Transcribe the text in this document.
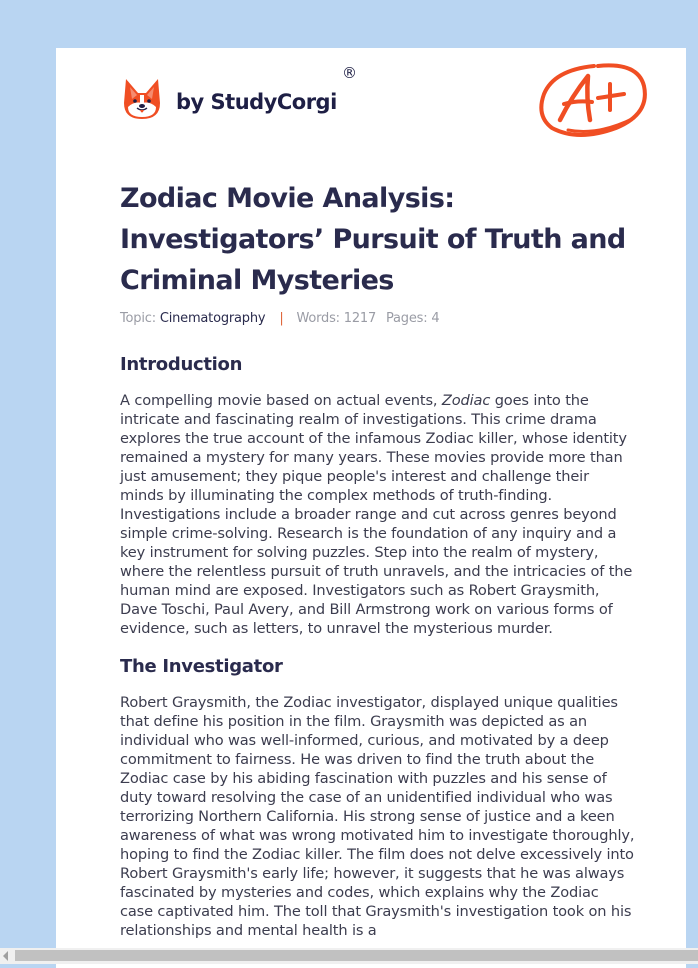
by StudyCorgi
®
Zodiac Movie Analysis: Investigators’ Pursuit of Truth and Criminal Mysteries
Topic: Cinematography | Words: 1217 Pages: 4
Introduction

A compelling movie based on actual events, Zodiac goes into the intricate and fascinating realm of investigations. This crime drama explores the true account of the infamous Zodiac killer, whose identity remained a mystery for many years. These movies provide more than just amusement; they pique people's interest and challenge their minds by illuminating the complex methods of truth-finding. Investigations include a broader range and cut across genres beyond simple crime-solving. Research is the foundation of any inquiry and a key instrument for solving puzzles. Step into the realm of mystery, where the relentless pursuit of truth unravels, and the intricacies of the human mind are exposed. Investigators such as Robert Graysmith, Dave Toschi, Paul Avery, and Bill Armstrong work on various forms of evidence, such as letters, to unravel the mysterious murder.

The Investigator

Robert Graysmith, the Zodiac investigator, displayed unique qualities that define his position in the film. Graysmith was depicted as an individual who was well-informed, curious, and motivated by a deep commitment to fairness. He was driven to find the truth about the Zodiac case by his abiding fascination with puzzles and his sense of duty toward resolving the case of an unidentified individual who was terrorizing Northern California. His strong sense of justice and a keen awareness of what was wrong motivated him to investigate thoroughly, hoping to find the Zodiac killer. The film does not delve excessively into Robert Graysmith's early life; however, it suggests that he was always fascinated by mysteries and codes, which explains why the Zodiac case captivated him. The toll that Graysmith's investigation took on his relationships and mental health is a
